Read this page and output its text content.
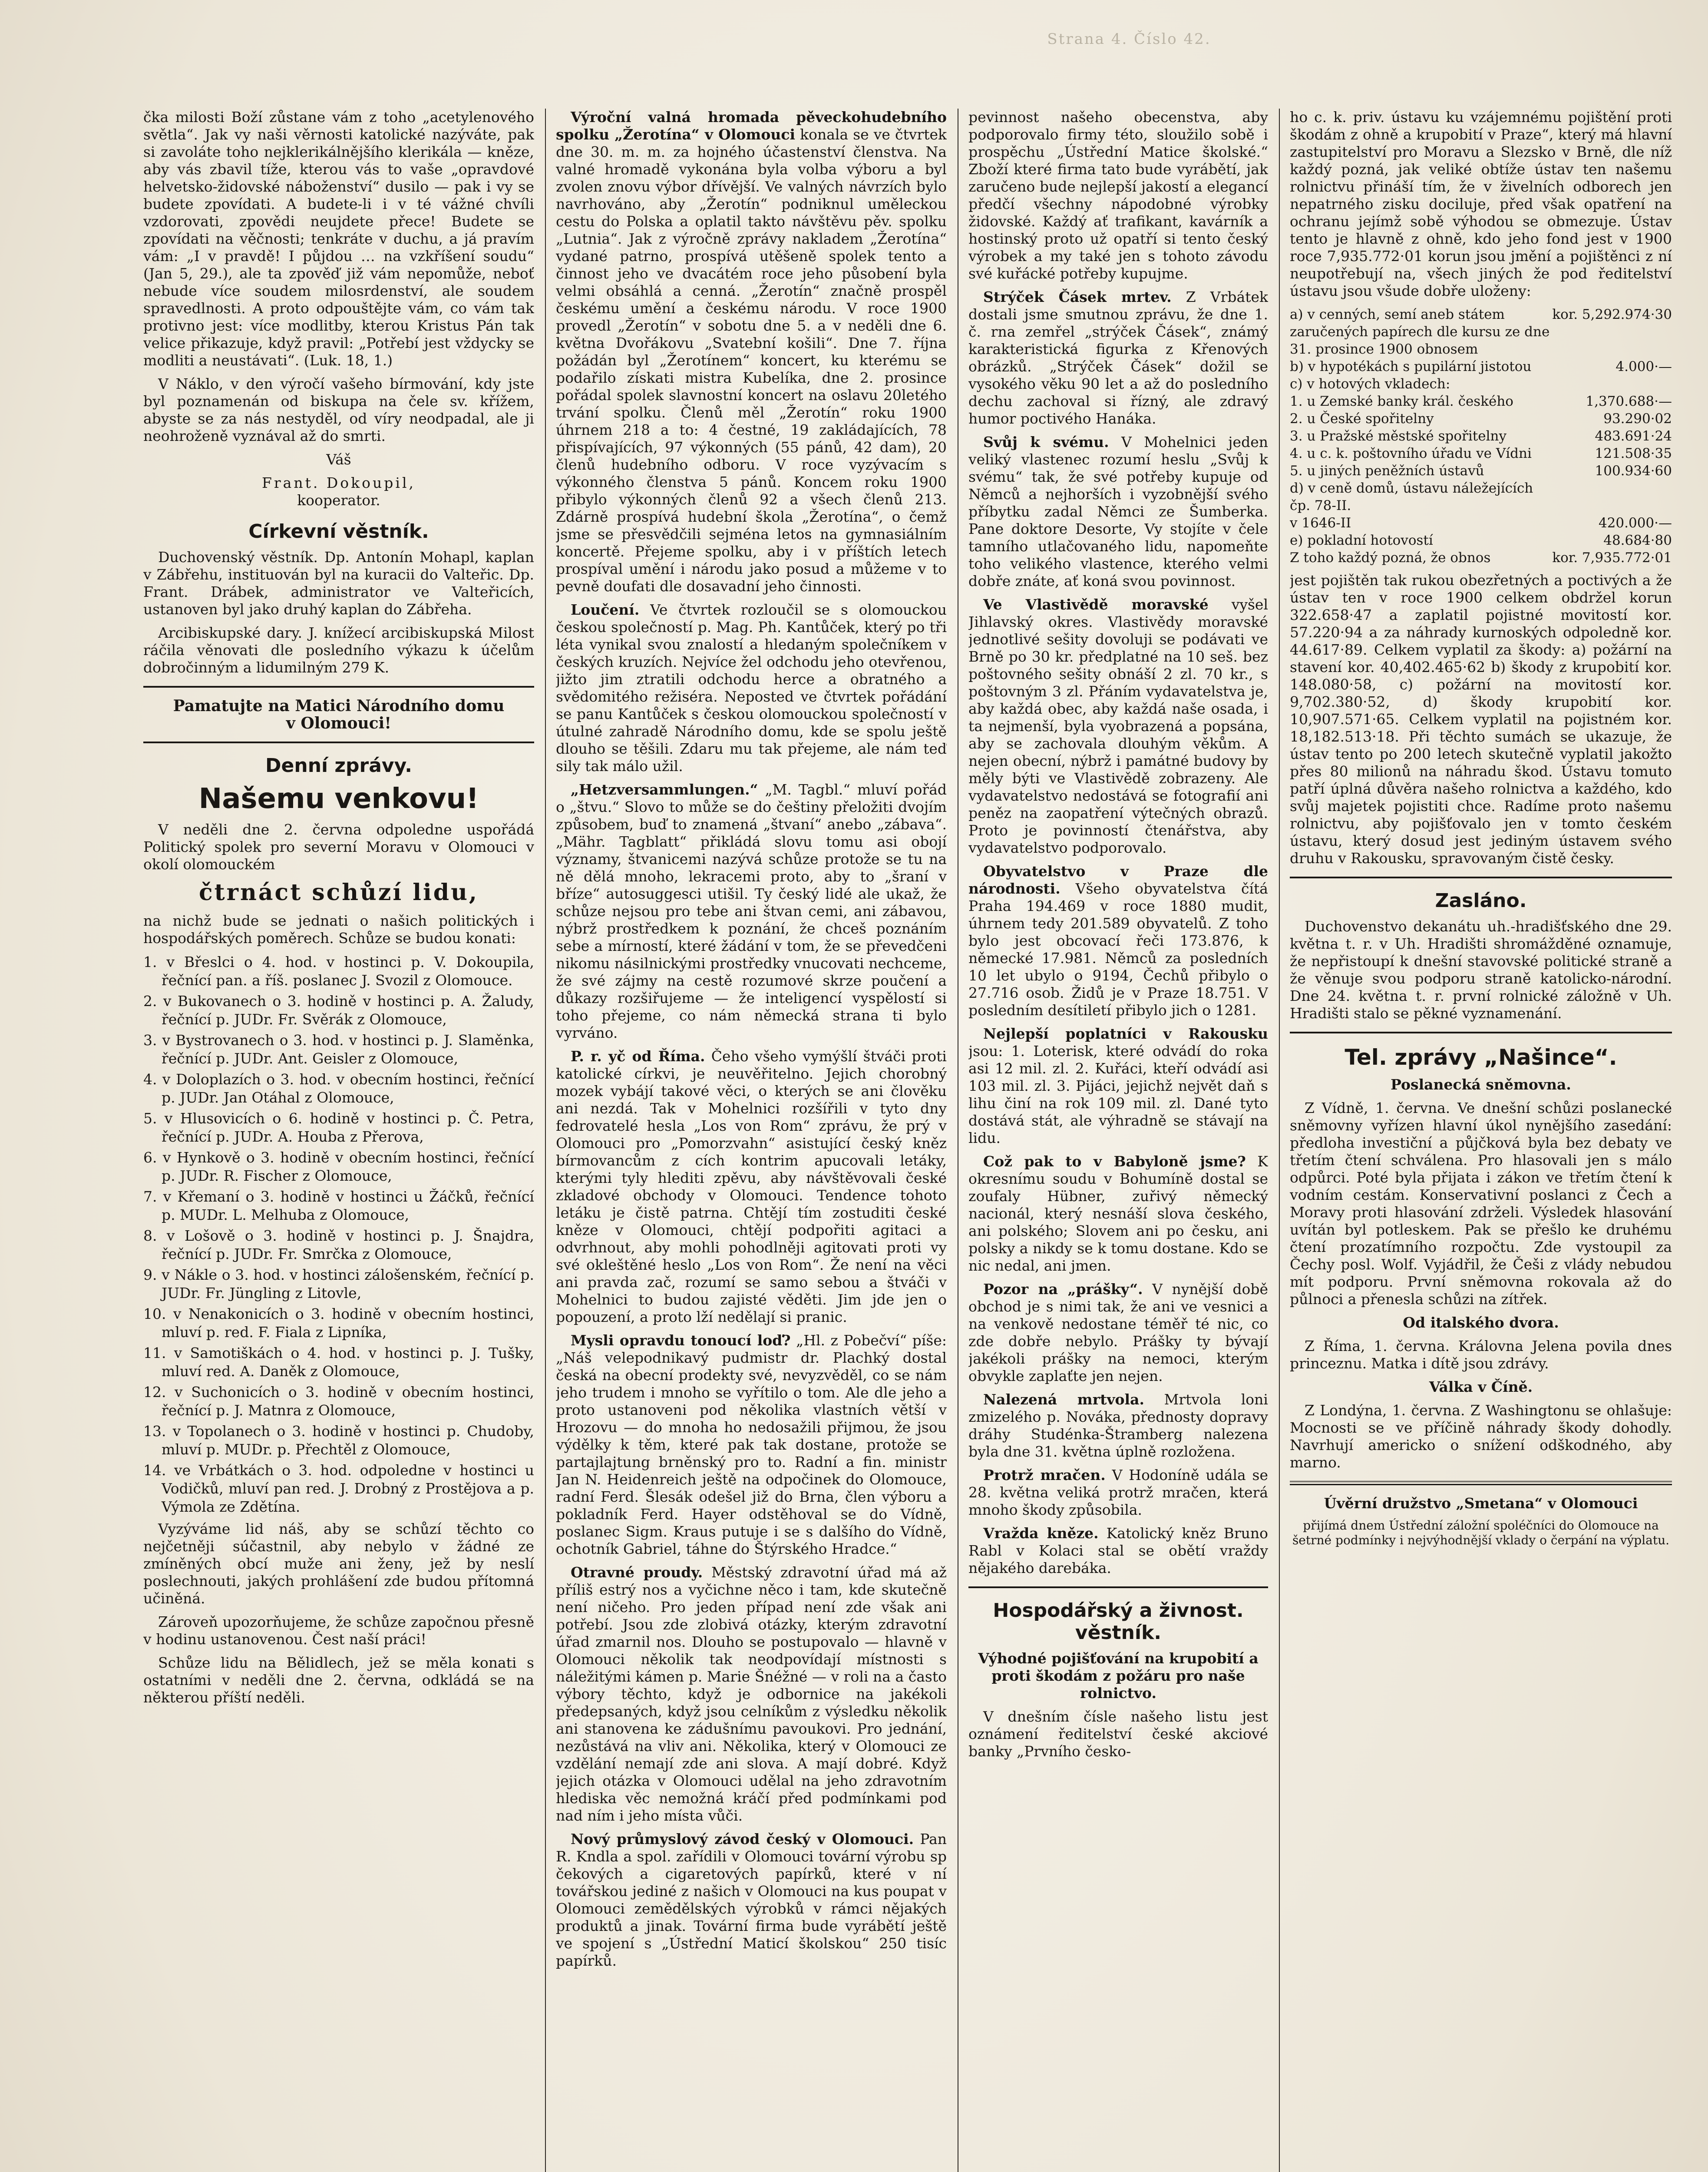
Strana 4. Číslo 42.

čka milosti Boží zůstane vám z toho „acetylenového světla“. Jak vy naši věrnosti katolické nazýváte, pak si zavoláte toho nejklerikálnějšího klerikála — kněze, aby vás zbavil tíže, kterou vás to vaše „opravdové helvetsko-židovské náboženství“ dusilo — pak i vy se budete zpovídati. A budete-li i v té vážné chvíli vzdorovati, zpovědi neujdete přece! Budete se zpovídati na věčnosti; tenkráte v duchu, a já pravím vám: „I v pravdě! I půjdou … na vzkříšení soudu“ (Jan 5, 29.), ale ta zpověď již vám nepomůže, neboť nebude více soudem milosrdenství, ale soudem spravedlnosti. A proto odpouštějte vám, co vám tak protivno jest: více modlitby, kterou Kristus Pán tak velice přikazuje, když pravil: „Potřebí jest vždycky se modliti a neustávati“. (Luk. 18, 1.)

V Náklo, v den výročí vašeho bírmování, kdy jste byl poznamenán od biskupa na čele sv. křížem, abyste se za nás nestyděl, od víry neodpadal, ale ji neohroženě vyznával až do smrti.

Váš

Frant. Dokoupil,

kooperator.

Církevní věstník.

Duchovenský věstník. Dp. Antonín Mohapl, kaplan v Zábřehu, instituován byl na kuracii do Valteřic. Dp. Frant. Drábek, administrator ve Valteřicích, ustanoven byl jako druhý kaplan do Zábřeha.

Arcibiskupské dary. J. knížecí arcibiskupská Milost ráčila věnovati dle posledního výkazu k účelům dobročinným a lidumilným 279 K.

Pamatujte na Matici Národního domu

v Olomouci!

Denní zprávy.
Našemu venkovu!

V neděli dne 2. června odpoledne uspořádá Politický spolek pro severní Moravu v Olomouci v okolí olomouckém

čtrnáct schůzí lidu,

na nichž bude se jednati o našich politických i hospodářských poměrech. Schůze se budou konati:

1. v Břeslci o 4. hod. v hostinci p. V. Dokoupila, řečnící pan. a říš. poslanec J. Svozil z Olomouce.
2. v Bukovanech o 3. hodině v hostinci p. A. Žaludy, řečnící p. JUDr. Fr. Svěrák z Olomouce,
3. v Bystrovanech o 3. hod. v hostinci p. J. Slaměnka, řečnící p. JUDr. Ant. Geisler z Olomouce,
4. v Doloplazích o 3. hod. v obecním hostinci, řečnící p. JUDr. Jan Otáhal z Olomouce,
5. v Hlusovicích o 6. hodině v hostinci p. Č. Petra, řečnící p. JUDr. A. Houba z Přerova,
6. v Hynkově o 3. hodině v obecním hostinci, řečnící p. JUDr. R. Fischer z Olomouce,
7. v Křemaní o 3. hodině v hostinci u Žáčků, řečnící p. MUDr. L. Melhuba z Olomouce,
8. v Lošově o 3. hodině v hostinci p. J. Šnajdra, řečnící p. JUDr. Fr. Smrčka z Olomouce,
9. v Nákle o 3. hod. v hostinci zálošenském, řečnící p. JUDr. Fr. Jüngling z Litovle,
10. v Nenakonicích o 3. hodině v obecním hostinci, mluví p. red. F. Fiala z Lipníka,
11. v Samotiškách o 4. hod. v hostinci p. J. Tušky, mluví red. A. Daněk z Olomouce,
12. v Suchonicích o 3. hodině v obecním hostinci, řečnící p. J. Matnra z Olomouce,
13. v Topolanech o 3. hodině v hostinci p. Chudoby, mluví p. MUDr. p. Přechtěl z Olomouce,
14. ve Vrbátkách o 3. hod. odpoledne v hostinci u Vodičků, mluví pan red. J. Drobný z Prostějova a p. Výmola ze Zdětína.

Vyzýváme lid náš, aby se schůzí těchto co nejčetněji súčastnil, aby nebylo v žádné ze zmíněných obcí muže ani ženy, jež by neslí poslechnouti, jakých prohlášení zde budou přítomná učiněná.

Zároveň upozorňujeme, že schůze započnou přesně v hodinu ustanovenou. Čest naší práci!

Schůze lidu na Bělidlech, jež se měla konati s ostatními v neděli dne 2. června, odkládá se na některou příští neděli.

Výroční valná hromada pěveckohudebního spolku „Žerotína“ v Olomouci konala se ve čtvrtek dne 30. m. m. za hojného účastenství členstva. Na valné hromadě vykonána byla volba výboru a byl zvolen znovu výbor dřívější. Ve valných návrzích bylo navrhováno, aby „Žerotín“ podniknul uměleckou cestu do Polska a oplatil takto návštěvu pěv. spolku „Lutnia“. Jak z výročně zprávy nakladem „Žerotína“ vydané patrno, prospívá utěšeně spolek tento a činnost jeho ve dvacátém roce jeho působení byla velmi obsáhlá a cenná. „Žerotín“ značně prospěl českému umění a českému národu. V roce 1900 provedl „Žerotín“ v sobotu dne 5. a v neděli dne 6. května Dvořákovu „Svatební košili“. Dne 7. října požádán byl „Žerotínem“ koncert, ku kterému se podařilo získati mistra Kubelíka, dne 2. prosince pořádal spolek slavnostní koncert na oslavu 20letého trvání spolku. Členů měl „Žerotín“ roku 1900 úhrnem 218 a to: 4 čestné, 19 zakládajících, 78 přispívajících, 97 výkonných (55 pánů, 42 dam), 20 členů hudebního odboru. V roce vyzývacím s výkonného členstva 5 pánů. Koncem roku 1900 přibylo výkonných členů 92 a všech členů 213. Zdárně prospívá hudební škola „Žerotína“, o čemž jsme se přesvědčili sejména letos na gymnasiálním koncertě. Přejeme spolku, aby i v příštích letech prospíval umění i národu jako posud a můžeme v to pevně doufati dle dosavadní jeho činnosti.

Loučení. Ve čtvrtek rozloučil se s olomouckou českou společností p. Mag. Ph. Kantůček, který po tři léta vynikal svou znalostí a hledaným společníkem v českých kruzích. Nejvíce žel odchodu jeho otevřenou, jižto jim ztratili odchodu herce a obratného a svědomitého režiséra. Neposted ve čtvrtek pořádání se panu Kantůček s českou olomouckou společností v útulné zahradě Národního domu, kde se spolu ještě dlouho se těšili. Zdaru mu tak přejeme, ale nám teď sily tak málo užil.

„Hetzversammlungen.“ „M. Tagbl.“ mluví pořád o „štvu.“ Slovo to může se do češtiny přeložiti dvojím způsobem, buď to znamená „štvaní“ anebo „zábava“. „Mähr. Tagblatt“ přikládá slovu tomu asi obojí významy, štvanicemi nazývá schůze protože se tu na ně dělá mnoho, lekracemi proto, aby to „šraní v bříze“ autosuggesci utišil. Ty český lidé ale ukaž, že schůze nejsou pro tebe ani štvan cemi, ani zábavou, nýbrž prostředkem k poznání, že chceš poznáním sebe a mírností, které žádání v tom, že se převedčeni nikomu násilnickými prostředky vnucovati nechceme, že své zájmy na cestě rozumové skrze poučení a důkazy rozšiřujeme — že inteligencí vyspělostí si toho přejeme, co nám německá strana ti bylo vyrváno.

P. r. yč od Říma. Čeho všeho vymýšlí štváči proti katolické církvi, je neuvěřitelno. Jejich chorobný mozek vybájí takové věci, o kterých se ani člověku ani nezdá. Tak v Mohelnici rozšířili v tyto dny fedrovatelé hesla „Los von Rom“ zprávu, že prý v Olomouci pro „Pomorzvahn“ asistující český kněz bírmovancům z cích kontrim apucovali letáky, kterými tyly hlediti zpěvu, aby návštěvovali české zkladové obchody v Olomouci. Tendence tohoto letáku je čistě patrna. Chtějí tím zostuditi české kněze v Olomouci, chtějí podpořiti agitaci a odvrhnout, aby mohli pohodlněji agitovati proti vy své okleštěné heslo „Los von Rom“. Že není na věci ani pravda zač, rozumí se samo sebou a štváči v Mohelnici to budou zajisté věděti. Jim jde jen o popouzení, a proto lží nedělají si pranic.

Mysli opravdu tonoucí loď? „Hl. z Pobečví“ píše: „Náš velepodnikavý pudmistr dr. Plachký dostal česká na obecní prodekty své, nevyzvěděl, co se nám jeho trudem i mnoho se vyřítilo o tom. Ale dle jeho a proto ustanoveni pod několika vlastních větší v Hrozovu — do mnoha ho nedosažili přijmou, že jsou výdělky k těm, které pak tak dostane, protože se partajlajtung brněnský pro to. Radní a fin. ministr Jan N. Heidenreich ještě na odpočinek do Olomouce, radní Ferd. Šlesák odešel již do Brna, člen výboru a pokladník Ferd. Hayer odstěhoval se do Vídně, poslanec Sigm. Kraus putuje i se s dalšího do Vídně, ochotník Gabriel, táhne do Štýrského Hradce.“

Otravné proudy. Městský zdravotní úřad má až příliš estrý nos a vyčichne něco i tam, kde skutečně není ničeho. Pro jeden případ není zde však ani potřebí. Jsou zde zlobivá otázky, kterým zdravotní úřad zmarnil nos. Dlouho se postupovalo — hlavně v Olomouci několik tak neodpovídají místnosti s náležitými kámen p. Marie Šnéžné — v roli na a často výbory těchto, když je odbornice na jakékoli předepsaných, když jsou celníkům z výsledku několik ani stanovena ke zádušnímu pavoukovi. Pro jednání, nezůstává na vliv ani. Několika, který v Olomouci ze vzdělání nemají zde ani slova. A mají dobré. Když jejich otázka v Olomouci udělal na jeho zdravotním hlediska věc nemožná kráčí před podmínkami pod nad ním i jeho místa vůči.

Nový průmyslový závod český v Olomouci. Pan R. Kndla a spol. zařídili v Olomouci tovární výrobu sp čekových a cigaretových papírků, které v ní továřskou jediné z našich v Olomouci na kus poupat v Olomouci zemědělských výrobků v rámci nějakých produktů a jinak. Tovární firma bude vyrábětí ještě ve spojení s „Ústřední Maticí školskou“ 250 tisíc papírků.

pevinnost našeho obecenstva, aby podporovalo firmy této, sloužilo sobě i prospěchu „Ústřední Matice školské.“ Zboží které firma tato bude vyrábětí, jak zaručeno bude nejlepší jakostí a elegancí předčí všechny nápodobné výrobky židovské. Každý ať trafikant, kavárník a hostinský proto už opatří si tento český výrobek a my také jen s tohoto závodu své kuřácké potřeby kupujme.

Strýček Čásek mrtev. Z Vrbátek dostali jsme smutnou zprávu, že dne 1. č. rna zemřel „strýček Čásek“, známý karakteristická figurka z Křenových obrázků. „Strýček Čásek“ dožil se vysokého věku 90 let a až do posledního dechu zachoval si řízný, ale zdravý humor poctivého Hanáka.

Svůj k svému. V Mohelnici jeden veliký vlastenec rozumí heslu „Svůj k svému“ tak, že své potřeby kupuje od Němců a nejhorších i vyzobnější svého příbytku zadal Němci ze Šumberka. Pane doktore Desorte, Vy stojíte v čele tamního utlačovaného lidu, napomeňte toho velikého vlastence, kterého velmi dobře znáte, ať koná svou povinnost.

Ve Vlastivědě moravské vyšel Jihlavský okres. Vlastivědy moravské jednotlivé sešity dovoluji se podávati ve Brně po 30 kr. předplatné na 10 seš. bez poštovného sešity obnáší 2 zl. 70 kr., s poštovným 3 zl. Přáním vydavatelstva je, aby každá obec, aby každá naše osada, i ta nejmenší, byla vyobrazená a popsána, aby se zachovala dlouhým věkům. A nejen obecní, nýbrž i památné budovy by měly býti ve Vlastivědě zobrazeny. Ale vydavatelstvo nedostává se fotografií ani peněz na zaopatření výtečných obrazů. Proto je povinností čtenářstva, aby vydavatelstvo podporovalo.

Obyvatelstvo v Praze dle národnosti. Všeho obyvatelstva čítá Praha 194.469 v roce 1880 mudit, úhrnem tedy 201.589 obyvatelů. Z toho bylo jest obcovací řeči 173.876, k německé 17.981. Němců za posledních 10 let ubylo o 9194, Čechů přibylo o 27.716 osob. Židů je v Praze 18.751. V posledním desítiletí přibylo jich o 1281.

Nejlepší poplatníci v Rakousku jsou: 1. Loterisk, které odvádí do roka asi 12 mil. zl. 2. Kuřáci, kteří odvádí asi 103 mil. zl. 3. Pijáci, jejichž největ daň s lihu činí na rok 109 mil. zl. Dané tyto dostává stát, ale výhradně se stávají na lidu.

Což pak to v Babyloně jsme? K okresnímu soudu v Bohumíně dostal se zoufaly Hübner, zuřivý německý nacionál, který nesnáší slova českého, ani polského; Slovem ani po česku, ani polsky a nikdy se k tomu dostane. Kdo se nic nedal, ani jmen.

Pozor na „prášky“. V nynější době obchod je s nimi tak, že ani ve vesnici a na venkově nedostane téměř té nic, co zde dobře nebylo. Prášky ty bývají jakékoli prášky na nemoci, kterým obvykle zaplaťte jen nejen.

Nalezená mrtvola. Mrtvola loni zmizelého p. Nováka, přednosty dopravy dráhy Studénka-Štramberg nalezena byla dne 31. května úplně rozložena.

Protrž mračen. V Hodoníně udála se 28. května veliká protrž mračen, která mnoho škody způsobila.

Vražda kněze. Katolický kněz Bruno Rabl v Kolaci stal se obětí vraždy nějakého darebáka.

Hospodářský a živnost. věstník.

Výhodné pojišťování na krupobití a proti škodám z požáru pro naše rolnictvo.

V dnešním čísle našeho listu jest oznámení ředitelství české akciové banky „Prvního česko-

ho c. k. priv. ústavu ku vzájemnému pojištění proti škodám z ohně a krupobití v Praze“, který má hlavní zastupitelství pro Moravu a Slezsko v Brně, dle níž každý pozná, jak veliké obtíže ústav ten našemu rolnictvu přináší tím, že v živelních odborech jen nepatrného zisku dociluje, před však opatření na ochranu jejímž sobě výhodou se obmezuje. Ústav tento je hlavně z ohně, kdo jeho fond jest v 1900 roce 7,935.772·01 korun jsou jmění a pojištěnci z ní neupotřebují na, všech jiných že pod ředitelství ústavu jsou všude dobře uloženy:

a) v cenných, semí aneb státem zaručených papírech dle kursu ze dne 31. prosince 1900 obnosem	kor. 5,292.974·30
b) v hypotékách s pupilární jistotou	4.000·—
c) v hotových vkladech:	
1. u Zemské banky král. českého	1,370.688·—
2. u České spořitelny	93.290·02
3. u Pražské městské spořitelny	483.691·24
4. u c. k. poštovního úřadu ve Vídni	121.508·35
5. u jiných peněžních ústavů	100.934·60
d) v ceně domů, ústavu náležejících čp. 78-II.	
v 1646-II	420.000·—
e) pokladní hotovostí	48.684·80
Z toho každý pozná, že obnos	kor. 7,935.772·01

jest pojištěn tak rukou obezřetných a poctivých a že ústav ten v roce 1900 celkem obdržel korun 322.658·47 a zaplatil pojistné movitostí kor. 57.220·94 a za náhrady kurnoských odpoledně kor. 44.617·89. Celkem vyplatil za škody: a) požární na stavení kor. 40,402.465·62 b) škody z krupobití kor. 148.080·58, c) požární na movitostí kor. 9,702.380·52, d) škody krupobití kor. 10,907.571·65. Celkem vyplatil na pojistném kor. 18,182.513·18. Při těchto sumách se ukazuje, že ústav tento po 200 letech skutečně vyplatil jakožto přes 80 milionů na náhradu škod. Ústavu tomuto patří úplná důvěra našeho rolnictva a každého, kdo svůj majetek pojistiti chce. Radíme proto našemu rolnictvu, aby pojišťovalo jen v tomto českém ústavu, který dosud jest jediným ústavem svého druhu v Rakousku, spravovaným čistě česky.

Zasláno.

Duchovenstvo dekanátu uh.-hradišťského dne 29. května t. r. v Uh. Hradišti shromážděné oznamuje, že nepřistoupí k dnešní stavovské politické straně a že věnuje svou podporu straně katolicko-národní. Dne 24. května t. r. první rolnické záložně v Uh. Hradišti stalo se pěkné vyznamenání.

Tel. zprávy „Našince“.

Poslanecká sněmovna.

Z Vídně, 1. června. Ve dnešní schůzi poslanecké sněmovny vyřízen hlavní úkol nynějšího zasedání: předloha investiční a půjčková byla bez debaty ve třetím čtení schválena. Pro hlasovali jen s málo odpůrci. Poté byla přijata i zákon ve třetím čtení k vodním cestám. Konservativní poslanci z Čech a Moravy proti hlasování zdrželi. Výsledek hlasování uvítán byl potleskem. Pak se přešlo ke druhému čtení prozatímního rozpočtu. Zde vystoupil za Čechy posl. Wolf. Vyjádřil, že Češi z vlády nebudou mít podporu. První sněmovna rokovala až do půlnoci a přenesla schůzi na zítřek.

Od italského dvora.

Z Říma, 1. června. Královna Jelena povila dnes princeznu. Matka i dítě jsou zdrávy.

Válka v Číně.

Z Londýna, 1. června. Z Washingtonu se ohlašuje: Mocnosti se ve příčině náhrady škody dohodly. Navrhují americko o snížení odškodného, aby marno.

Úvěrní družstvo „Smetana“ v Olomouci

přijímá dnem Ústřední záložní spoléčníci do Olomouce na šetrné podmínky i nejvýhodnější vklady o čerpání na výplatu.
